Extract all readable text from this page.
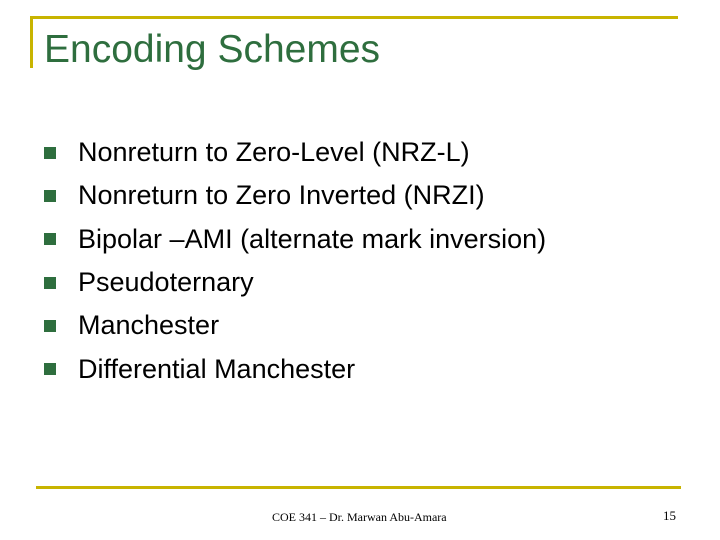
Encoding Schemes
Nonreturn to Zero-Level (NRZ-L)
Nonreturn to Zero Inverted (NRZI)
Bipolar –AMI (alternate mark inversion)
Pseudoternary
Manchester
Differential Manchester
COE 341 – Dr. Marwan Abu-Amara	15
